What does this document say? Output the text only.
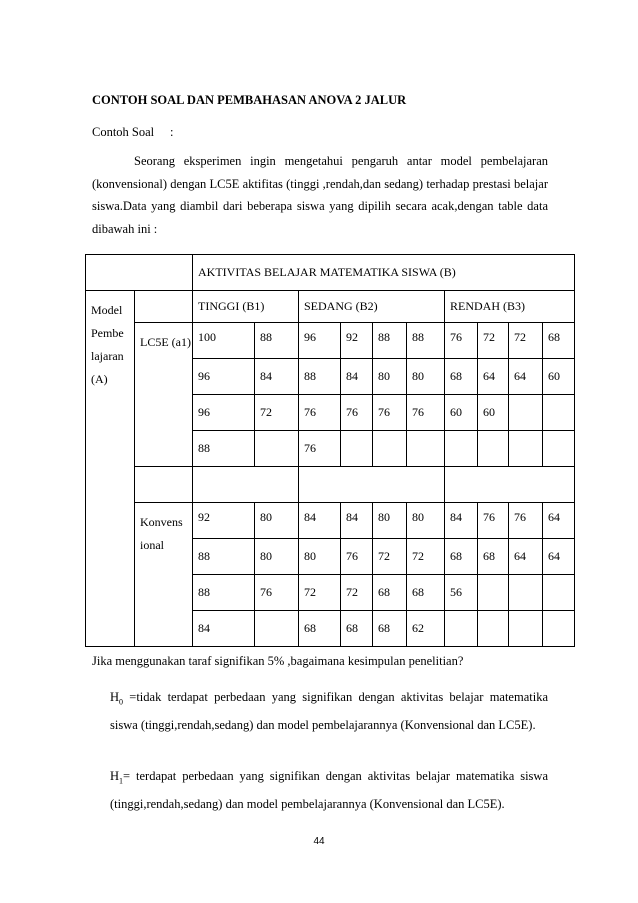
CONTOH SOAL DAN PEMBAHASAN ANOVA 2 JALUR
Contoh Soal :
Seorang eksperimen ingin mengetahui pengaruh antar model pembelajaran (konvensional) dengan LC5E aktifitas (tinggi ,rendah,dan sedang) terhadap prestasi belajar siswa.Data yang diambil dari beberapa siswa yang dipilih secara acak,dengan table data dibawah ini :
		AKTIVITAS BELAJAR MATEMATIKA SISWA (B)									
Model Pembe lajaran (A)		TINGGI (B1)		SEDANG (B2)				RENDAH (B3)			
	LC5E (a1)	100	88	96	92	88	88	76	72	72	68
		96	84	88	84	80	80	68	64	64	60
		96	72	76	76	76	76	60	60		
		88		76							

	Konvens ional	92	80	84	84	80	80	84	76	76	64
		88	80	80	76	72	72	68	68	64	64
		88	76	72	72	68	68	56			
		84		68	68	68	62				
Jika menggunakan taraf signifikan 5% ,bagaimana kesimpulan penelitian?
$H_0$ =tidak terdapat perbedaan yang signifikan dengan aktivitas belajar matematika siswa (tinggi,rendah,sedang) dan model pembelajarannya (Konvensional dan LC5E).
$H_1=$ terdapat perbedaan yang signifikan dengan aktivitas belajar matematika siswa (tinggi,rendah,sedang) dan model pembelajarannya (Konvensional dan LC5E).
44
